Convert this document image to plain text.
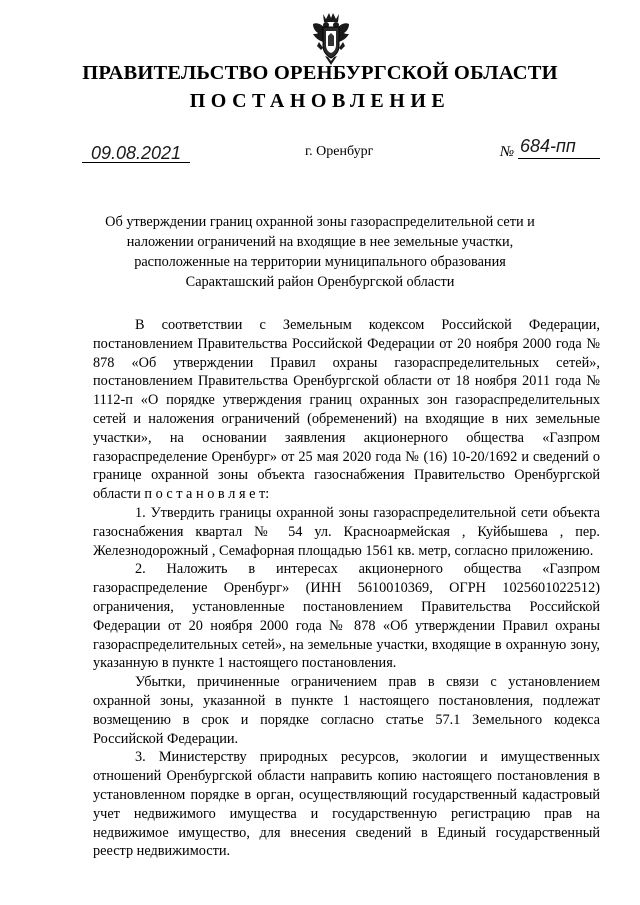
ПРАВИТЕЛЬСТВО ОРЕНБУРГСКОЙ ОБЛАСТИ
ПОСТАНОВЛЕНИЕ
09.08.2021	г. Оренбург	№ 684-пп
Об утверждении границ охранной зоны газораспределительной сети и
наложении ограничений на входящие в нее земельные участки,
расположенные на территории муниципального образования
Саракташский район Оренбургской области

В соответствии с Земельным кодексом Российской Федерации, постановлением Правительства Российской Федерации от 20 ноября 2000 года № 878 «Об утверждении Правил охраны газораспределительных сетей», постановлением Правительства Оренбургской области от 18 ноября 2011 года № 1112-п «О порядке утверждения границ охранных зон газораспределительных сетей и наложения ограничений (обременений) на входящие в них земельные участки», на основании заявления акционерного общества «Газпром газораспределение Оренбург» от 25 мая 2020 года № (16) 10-20/1692 и сведений о границе охранной зоны объекта газоснабжения Правительство Оренбургской области п о с т а н о в л я е т:

1. Утвердить границы охранной зоны газораспределительной сети объекта газоснабжения квартал № 54 ул. Красноармейская , Куйбышева , пер. Железнодорожный , Семафорная площадью 1561 кв. метр, согласно приложению.

2. Наложить в интересах акционерного общества «Газпром газораспределение Оренбург» (ИНН 5610010369, ОГРН 1025601022512) ограничения, установленные постановлением Правительства Российской Федерации от 20 ноября 2000 года № 878 «Об утверждении Правил охраны газораспределительных сетей», на земельные участки, входящие в охранную зону, указанную в пункте 1 настоящего постановления.

Убытки, причиненные ограничением прав в связи с установлением охранной зоны, указанной в пункте 1 настоящего постановления, подлежат возмещению в срок и порядке согласно статье 57.1 Земельного кодекса Российской Федерации.

3. Министерству природных ресурсов, экологии и имущественных отношений Оренбургской области направить копию настоящего постановления в установленном порядке в орган, осуществляющий государственный кадастровый учет недвижимого имущества и государственную регистрацию прав на недвижимое имущество, для внесения сведений в Единый государственный реестр недвижимости.
